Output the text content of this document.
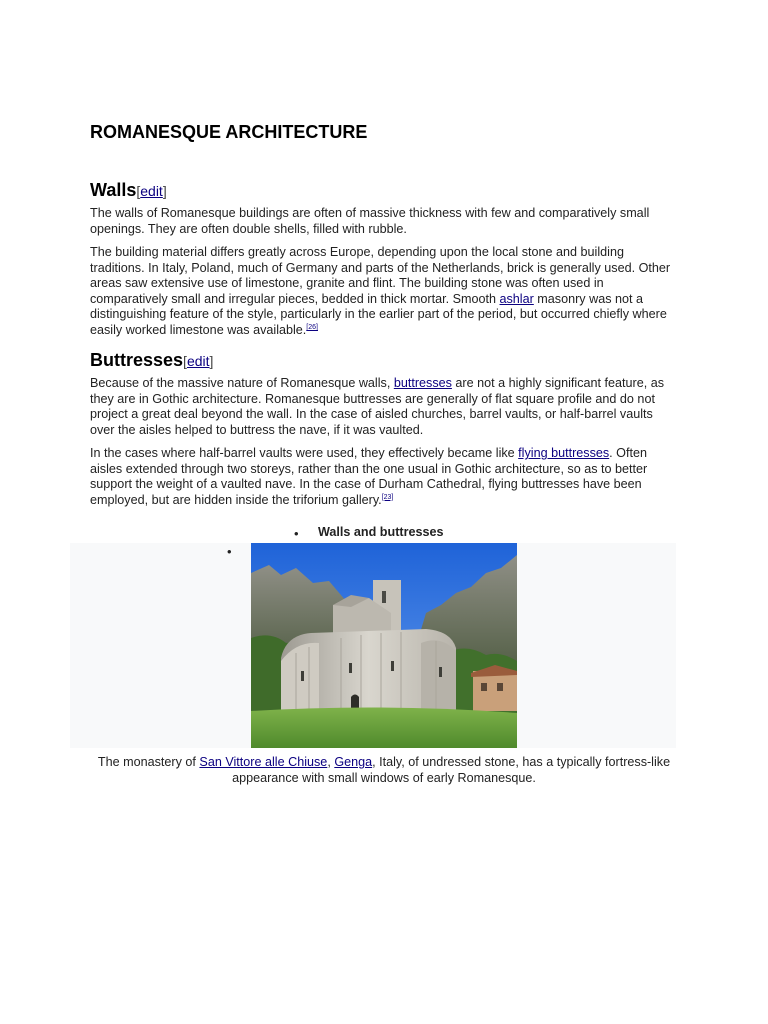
ROMANESQUE ARCHITECTURE
Walls[edit]

The walls of Romanesque buildings are often of massive thickness with few and comparatively small openings. They are often double shells, filled with rubble.

The building material differs greatly across Europe, depending upon the local stone and building traditions. In Italy, Poland, much of Germany and parts of the Netherlands, brick is generally used. Other areas saw extensive use of limestone, granite and flint. The building stone was often used in comparatively small and irregular pieces, bedded in thick mortar. Smooth ashlar masonry was not a distinguishing feature of the style, particularly in the earlier part of the period, but occurred chiefly where easily worked limestone was available.[26]

Buttresses[edit]

Because of the massive nature of Romanesque walls, buttresses are not a highly significant feature, as they are in Gothic architecture. Romanesque buttresses are generally of flat square profile and do not project a great deal beyond the wall. In the case of aisled churches, barrel vaults, or half-barrel vaults over the aisles helped to buttress the nave, if it was vaulted.

In the cases where half-barrel vaults were used, they effectively became like flying buttresses. Often aisles extended through two storeys, rather than the one usual in Gothic architecture, so as to better support the weight of a vaulted nave. In the case of Durham Cathedral, flying buttresses have been employed, but are hidden inside the triforium gallery.[23]

• Walls and buttresses
•

The monastery of San Vittore alle Chiuse, Genga, Italy, of undressed stone, has a typically fortress-like appearance with small windows of early Romanesque.
